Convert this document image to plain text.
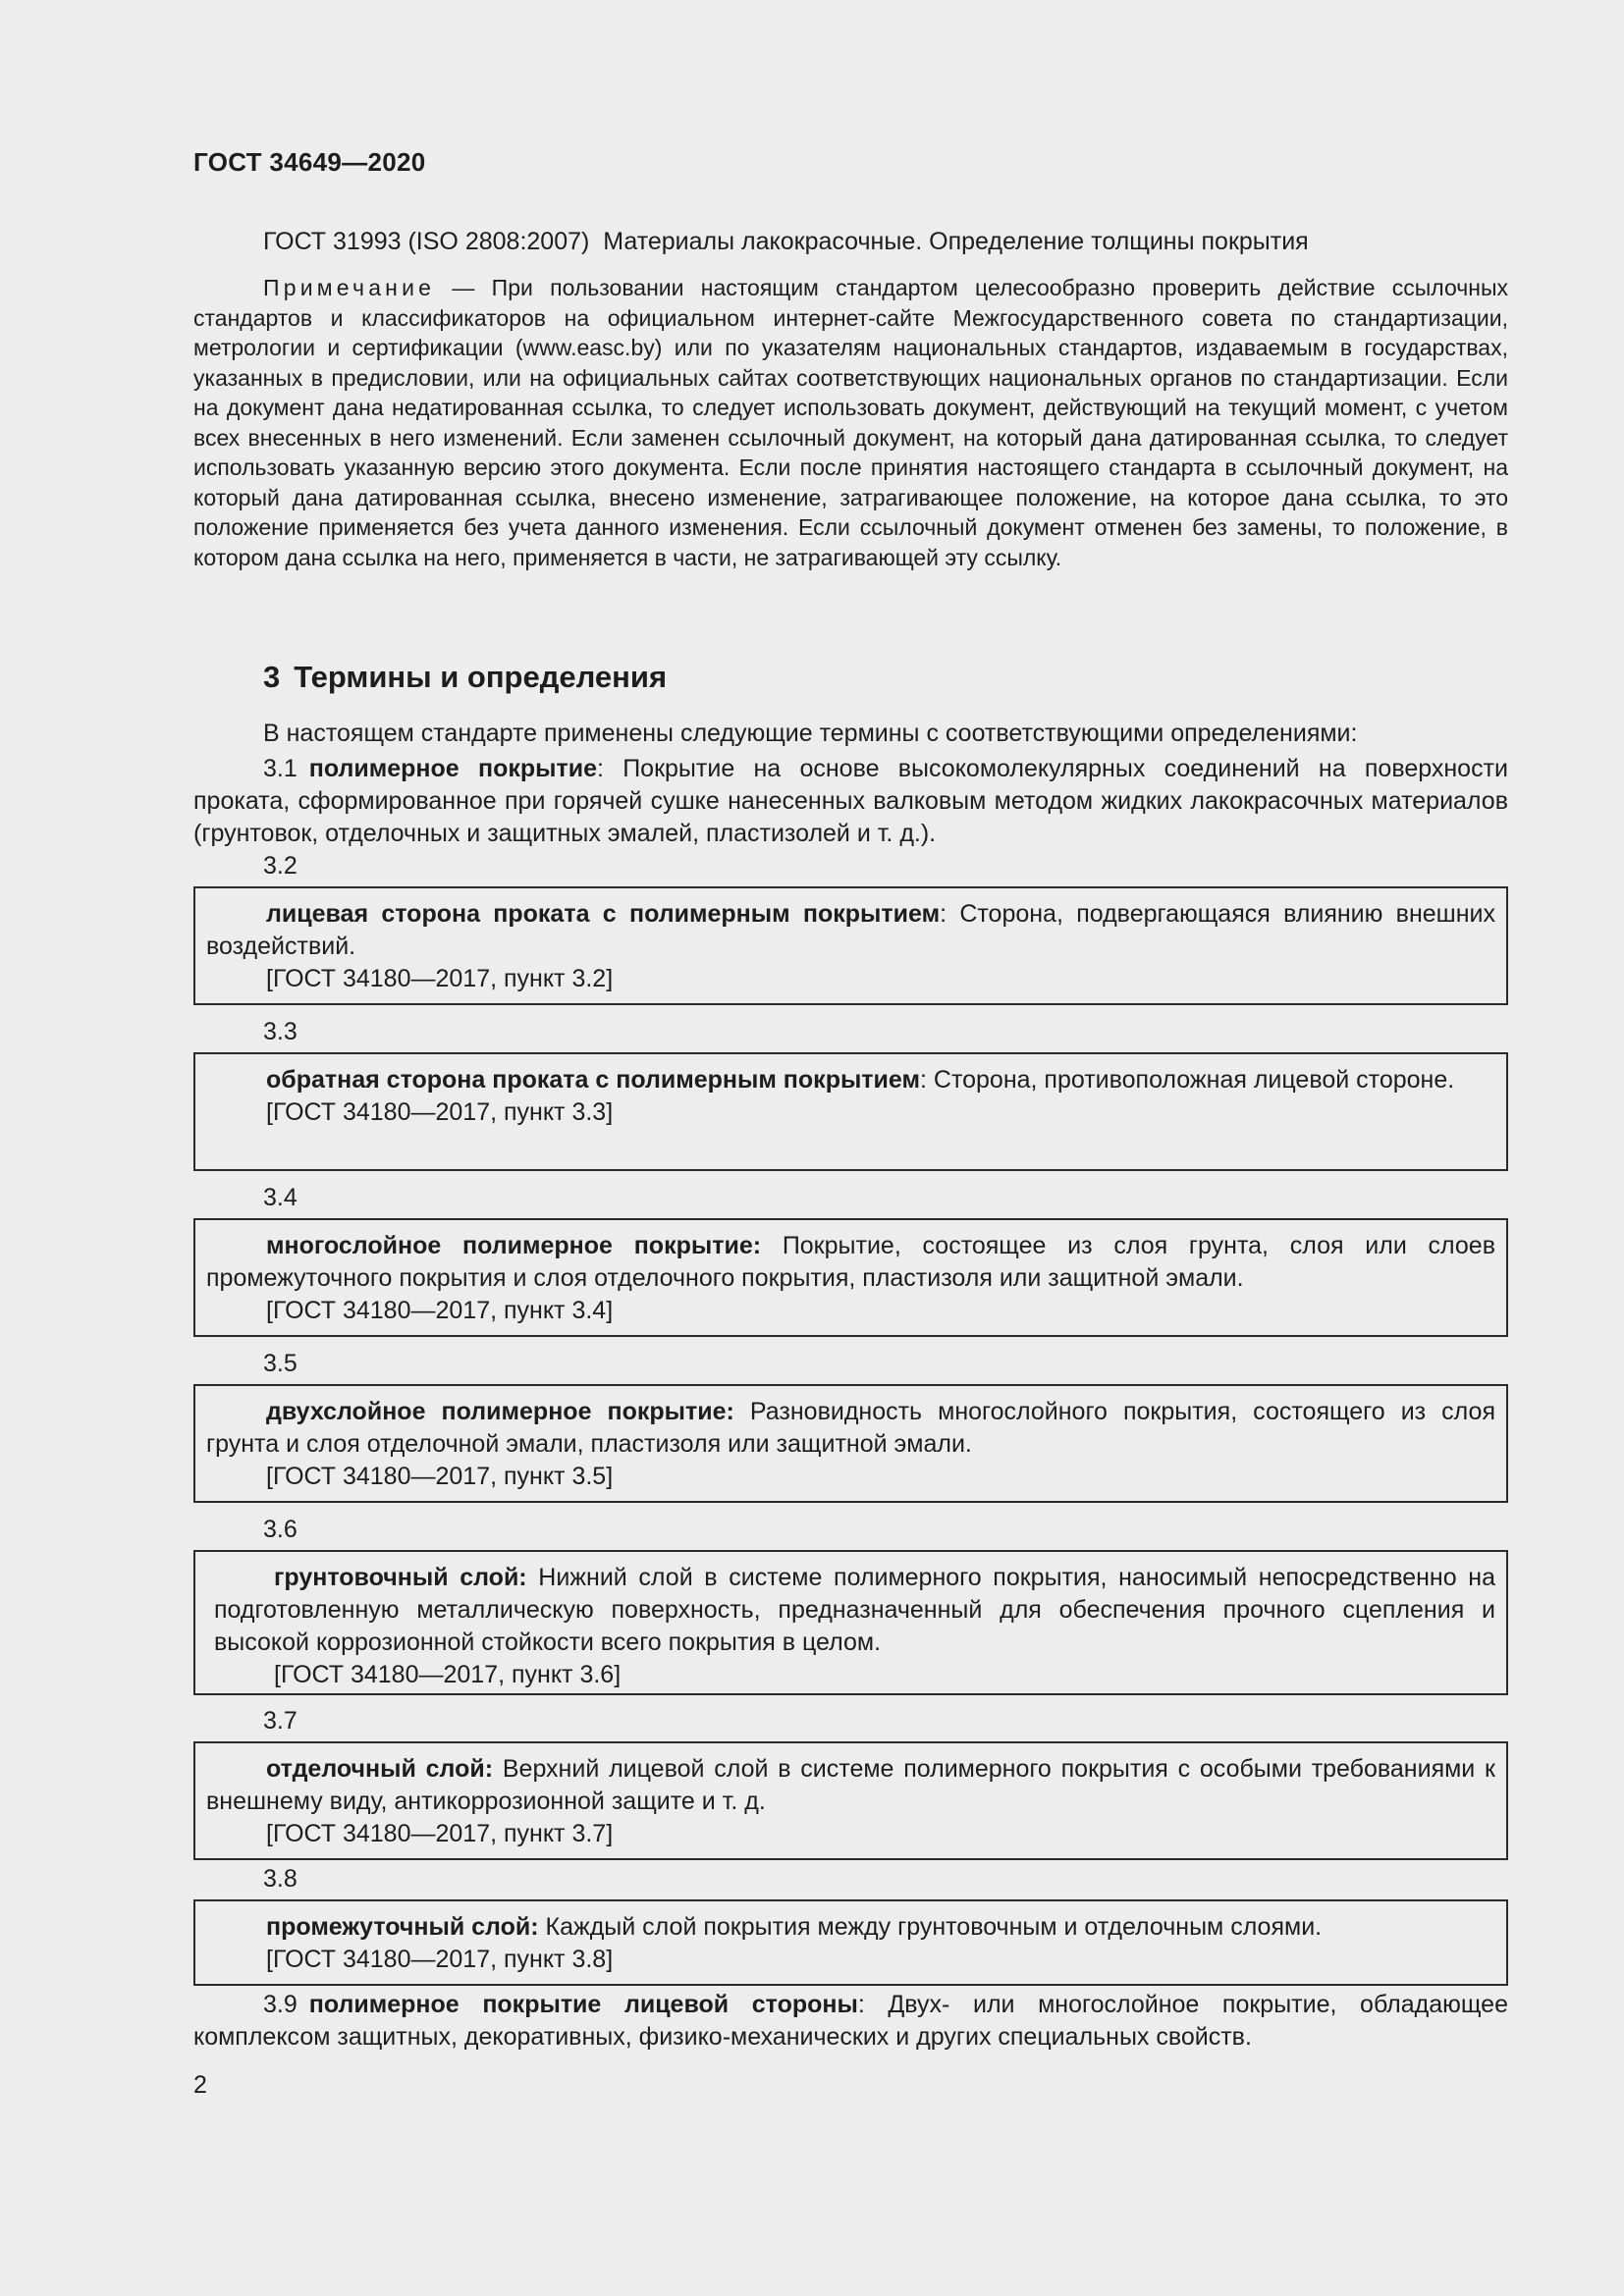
ГОСТ 34649—2020
ГОСТ 31993 (ISO 2808:2007) Материалы лакокрасочные. Определение толщины покрытия

Примечание — При пользовании настоящим стандартом целесообразно проверить действие ссылочных стандартов и классификаторов на официальном интернет-сайте Межгосударственного совета по стандартизации, метрологии и сертификации (www.easc.by) или по указателям национальных стандартов, издаваемым в государствах, указанных в предисловии, или на официальных сайтах соответствующих национальных органов по стандартизации. Если на документ дана недатированная ссылка, то следует использовать документ, действующий на текущий момент, с учетом всех внесенных в него изменений. Если заменен ссылочный документ, на который дана датированная ссылка, то следует использовать указанную версию этого документа. Если после принятия настоящего стандарта в ссылочный документ, на который дана датированная ссылка, внесено изменение, затрагивающее положение, на которое дана ссылка, то это положение применяется без учета данного изменения. Если ссылочный документ отменен без замены, то положение, в котором дана ссылка на него, применяется в части, не затрагивающей эту ссылку.

3 Термины и определения

В настоящем стандарте применены следующие термины с соответствующими определениями:

3.1 полимерное покрытие: Покрытие на основе высокомолекулярных соединений на поверхности проката, сформированное при горячей сушке нанесенных валковым методом жидких лакокрасочных материалов (грунтовок, отделочных и защитных эмалей, пластизолей и т. д.).

3.2

лицевая сторона проката с полимерным покрытием: Сторона, подвергающаяся влиянию внешних воздействий.

[ГОСТ 34180—2017, пункт 3.2]

3.3

обратная сторона проката с полимерным покрытием: Сторона, противоположная лицевой стороне.

[ГОСТ 34180—2017, пункт 3.3]

3.4

многослойное полимерное покрытие: Покрытие, состоящее из слоя грунта, слоя или слоев промежуточного покрытия и слоя отделочного покрытия, пластизоля или защитной эмали.

[ГОСТ 34180—2017, пункт 3.4]

3.5

двухслойное полимерное покрытие: Разновидность многослойного покрытия, состоящего из слоя грунта и слоя отделочной эмали, пластизоля или защитной эмали.

[ГОСТ 34180—2017, пункт 3.5]

3.6

грунтовочный слой: Нижний слой в системе полимерного покрытия, наносимый непосредственно на подготовленную металлическую поверхность, предназначенный для обеспечения прочного сцепления и высокой коррозионной стойкости всего покрытия в целом.

[ГОСТ 34180—2017, пункт 3.6]

3.7

отделочный слой: Верхний лицевой слой в системе полимерного покрытия с особыми требованиями к внешнему виду, антикоррозионной защите и т. д.

[ГОСТ 34180—2017, пункт 3.7]

3.8

промежуточный слой: Каждый слой покрытия между грунтовочным и отделочным слоями.

[ГОСТ 34180—2017, пункт 3.8]

3.9 полимерное покрытие лицевой стороны: Двух- или многослойное покрытие, обладающее комплексом защитных, декоративных, физико-механических и других специальных свойств.

2
